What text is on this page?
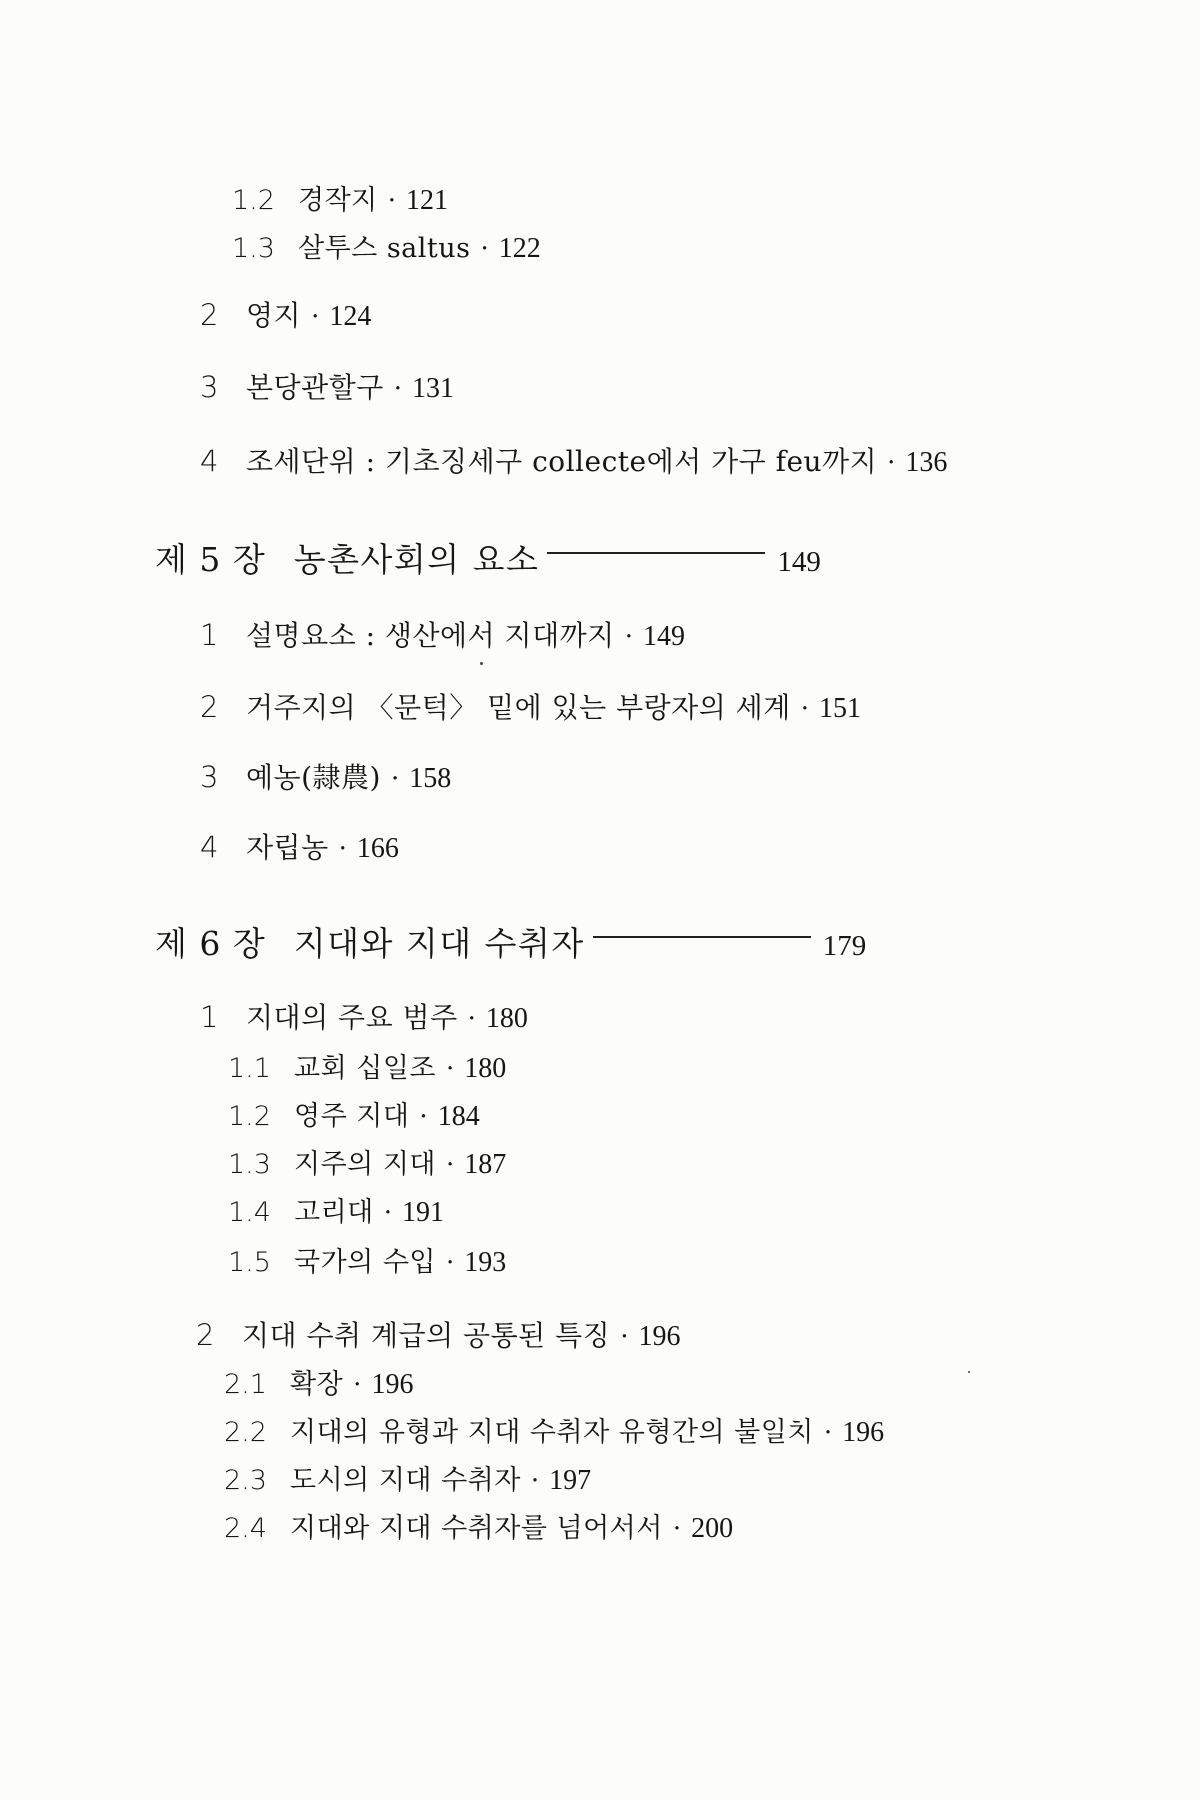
1.2 경작지 · 121
1.3 살투스 saltus · 122
2 영지 · 124
3 본당관할구 · 131
4 조세단위 : 기초징세구 collecte에서 가구 feu까지 · 136
제 5 장 농촌사회의 요소	149
1 설명요소 : 생산에서 지대까지 · 149
2 거주지의 〈문턱〉 밑에 있는 부랑자의 세계 · 151
3 예농(隷農) · 158
4 자립농 · 166
제 6 장 지대와 지대 수취자	179
1 지대의 주요 범주 · 180
1.1 교회 십일조 · 180
1.2 영주 지대 · 184
1.3 지주의 지대 · 187
1.4 고리대 · 191
1.5 국가의 수입 · 193
2 지대 수취 계급의 공통된 특징 · 196
2.1 확장 · 196
2.2 지대의 유형과 지대 수취자 유형간의 불일치 · 196
2.3 도시의 지대 수취자 · 197
2.4 지대와 지대 수취자를 넘어서서 · 200
